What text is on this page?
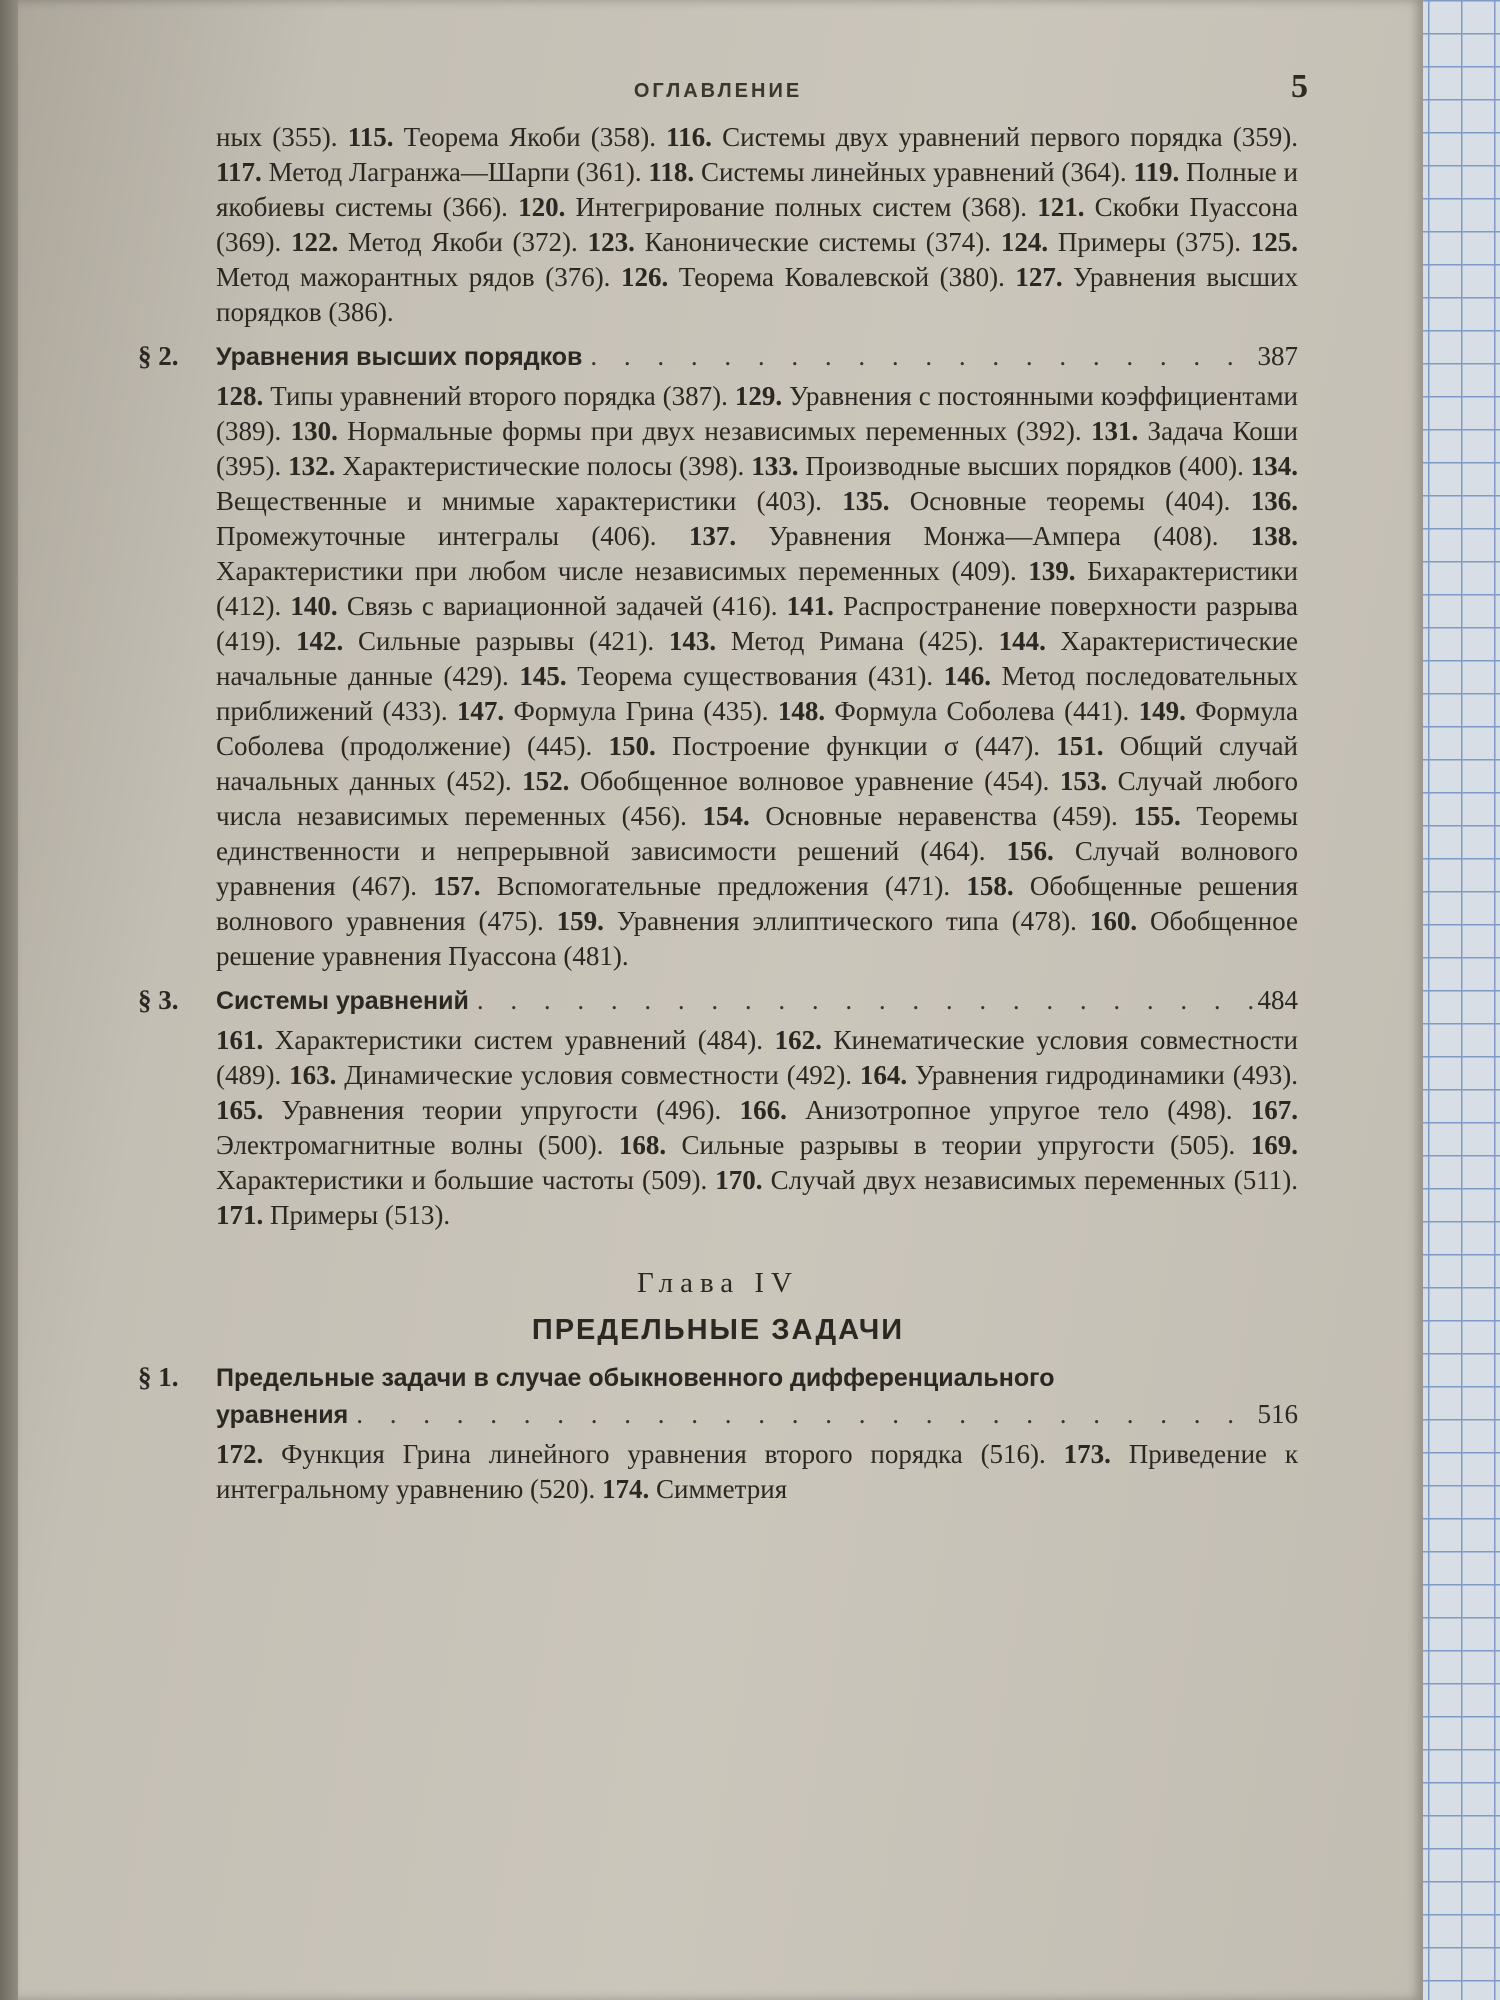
ОГЛАВЛЕНИЕ	5

ных (355). 115. Теорема Якоби (358). 116. Системы двух уравнений первого порядка (359). 117. Метод Лагранжа—Шарпи (361). 118. Системы линейных уравнений (364). 119. Полные и якобиевы системы (366). 120. Интегрирование полных систем (368). 121. Скобки Пуассона (369). 122. Метод Якоби (372). 123. Канонические системы (374). 124. Примеры (375). 125. Метод мажорантных рядов (376). 126. Теорема Ковалевской (380). 127. Уравнения высших порядков (386).

§ 2.	Уравнения высших порядков . . .	387

128. Типы уравнений второго порядка (387). 129. Уравнения с постоянными коэффициентами (389). 130. Нормальные формы при двух независимых переменных (392). 131. Задача Коши (395). 132. Характеристические полосы (398). 133. Производные высших порядков (400). 134. Вещественные и мнимые характеристики (403). 135. Основные теоремы (404). 136. Промежуточные интегралы (406). 137. Уравнения Монжа—Ампера (408). 138. Характеристики при любом числе независимых переменных (409). 139. Бихарактеристики (412). 140. Связь с вариационной задачей (416). 141. Распространение поверхности разрыва (419). 142. Сильные разрывы (421). 143. Метод Римана (425). 144. Характеристические начальные данные (429). 145. Теорема существования (431). 146. Метод последовательных приближений (433). 147. Формула Грина (435). 148. Формула Соболева (441). 149. Формула Соболева (продолжение) (445). 150. Построение функции σ (447). 151. Общий случай начальных данных (452). 152. Обобщенное волновое уравнение (454). 153. Случай любого числа независимых переменных (456). 154. Основные неравенства (459). 155. Теоремы единственности и непрерывной зависимости решений (464). 156. Случай волнового уравнения (467). 157. Вспомогательные предложения (471). 158. Обобщенные решения волнового уравнения (475). 159. Уравнения эллиптического типа (478). 160. Обобщенное решение уравнения Пуассона (481).

§ 3.	Системы уравнений . . .	484

161. Характеристики систем уравнений (484). 162. Кинематические условия совместности (489). 163. Динамические условия совместности (492). 164. Уравнения гидродинамики (493). 165. Уравнения теории упругости (496). 166. Анизотропное упругое тело (498). 167. Электромагнитные волны (500). 168. Сильные разрывы в теории упругости (505). 169. Характеристики и большие частоты (509). 170. Случай двух независимых переменных (511). 171. Примеры (513).

Глава IV
ПРЕДЕЛЬНЫЕ ЗАДАЧИ
§ 1.	Предельные задачи в случае обыкновенного дифференциального
уравнения . . .	516

172. Функция Грина линейного уравнения второго порядка (516). 173. Приведение к интегральному уравнению (520). 174. Симметрия
